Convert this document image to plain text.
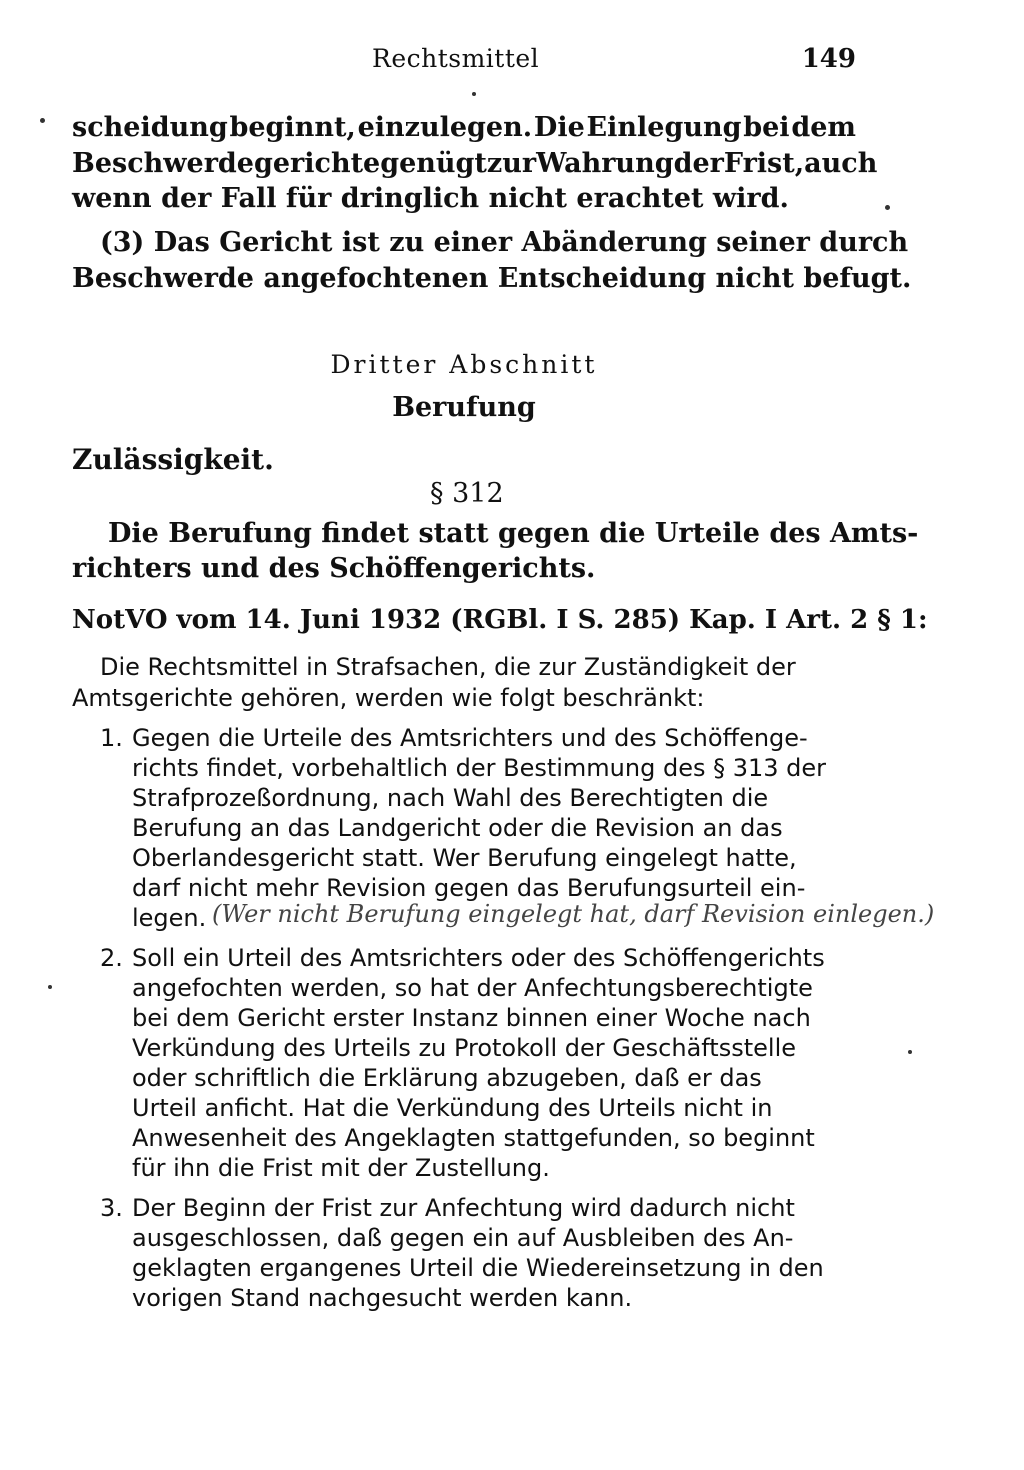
Rechtsmittel	149
scheidung beginnt, einzulegen. Die Einlegung bei dem
Beschwerdegerichte genügt zur Wahrung der Frist, auch
wenn der Fall für dringlich nicht erachtet wird.
(3) Das Gericht ist zu einer Abänderung seiner durch
Beschwerde angefochtenen Entscheidung nicht befugt.
Dritter Abschnitt
Berufung
Zulässigkeit.
§ 312
Die Berufung findet statt gegen die Urteile des Amts-
richters und des Schöffengerichts.
NotVO vom 14. Juni 1932 (RGBl. I S. 285) Kap. I Art. 2 § 1:
Die Rechtsmittel in Strafsachen, die zur Zuständigkeit der
Amtsgerichte gehören, werden wie folgt beschränkt:
1. Gegen die Urteile des Amtsrichters und des Schöffenge-
richts findet, vorbehaltlich der Bestimmung des § 313 der
Strafprozeßordnung, nach Wahl des Berechtigten die
Berufung an das Landgericht oder die Revision an das
Oberlandesgericht statt. Wer Berufung eingelegt hatte,
darf nicht mehr Revision gegen das Berufungsurteil ein-
legen. (Wer nicht Berufung eingelegt hat, darf Revision einlegen.)
2. Soll ein Urteil des Amtsrichters oder des Schöffengerichts
angefochten werden, so hat der Anfechtungsberechtigte
bei dem Gericht erster Instanz binnen einer Woche nach
Verkündung des Urteils zu Protokoll der Geschäftsstelle
oder schriftlich die Erklärung abzugeben, daß er das
Urteil anficht. Hat die Verkündung des Urteils nicht in
Anwesenheit des Angeklagten stattgefunden, so beginnt
für ihn die Frist mit der Zustellung.
3. Der Beginn der Frist zur Anfechtung wird dadurch nicht
ausgeschlossen, daß gegen ein auf Ausbleiben des An-
geklagten ergangenes Urteil die Wiedereinsetzung in den
vorigen Stand nachgesucht werden kann.
